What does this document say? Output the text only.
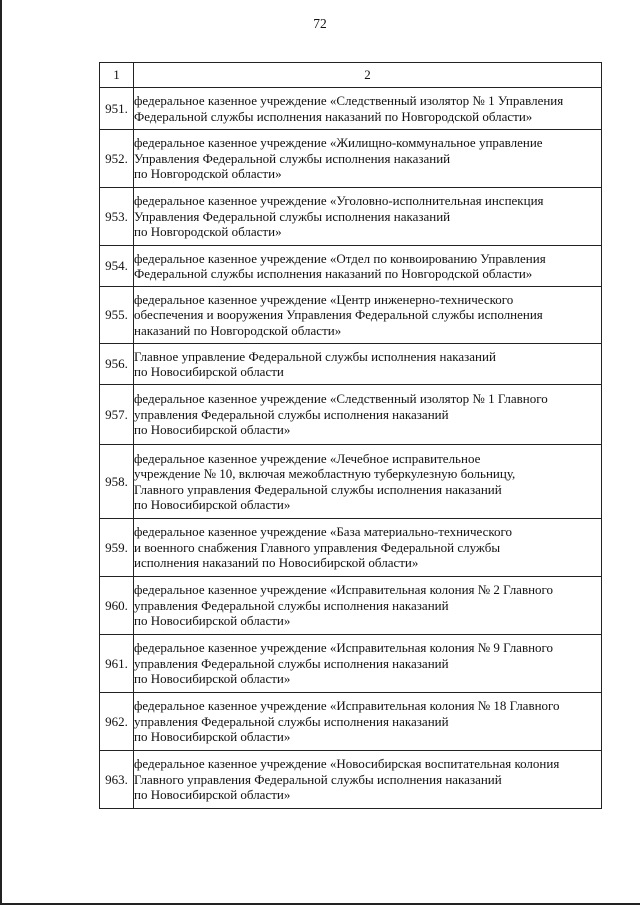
72
1	2
951.	федеральное казенное учреждение «Следственный изолятор № 1 Управления
Федеральной службы исполнения наказаний по Новгородской области»
952.	федеральное казенное учреждение «Жилищно-коммунальное управление
Управления Федеральной службы исполнения наказаний
по Новгородской области»
953.	федеральное казенное учреждение «Уголовно-исполнительная инспекция
Управления Федеральной службы исполнения наказаний
по Новгородской области»
954.	федеральное казенное учреждение «Отдел по конвоированию Управления
Федеральной службы исполнения наказаний по Новгородской области»
955.	федеральное казенное учреждение «Центр инженерно-технического
обеспечения и вооружения Управления Федеральной службы исполнения
наказаний по Новгородской области»
956.	Главное управление Федеральной службы исполнения наказаний
по Новосибирской области
957.	федеральное казенное учреждение «Следственный изолятор № 1 Главного
управления Федеральной службы исполнения наказаний
по Новосибирской области»
958.	федеральное казенное учреждение «Лечебное исправительное
учреждение № 10, включая межобластную туберкулезную больницу,
Главного управления Федеральной службы исполнения наказаний
по Новосибирской области»
959.	федеральное казенное учреждение «База материально-технического
и военного снабжения Главного управления Федеральной службы
исполнения наказаний по Новосибирской области»
960.	федеральное казенное учреждение «Исправительная колония № 2 Главного
управления Федеральной службы исполнения наказаний
по Новосибирской области»
961.	федеральное казенное учреждение «Исправительная колония № 9 Главного
управления Федеральной службы исполнения наказаний
по Новосибирской области»
962.	федеральное казенное учреждение «Исправительная колония № 18 Главного
управления Федеральной службы исполнения наказаний
по Новосибирской области»
963.	федеральное казенное учреждение «Новосибирская воспитательная колония
Главного управления Федеральной службы исполнения наказаний
по Новосибирской области»
